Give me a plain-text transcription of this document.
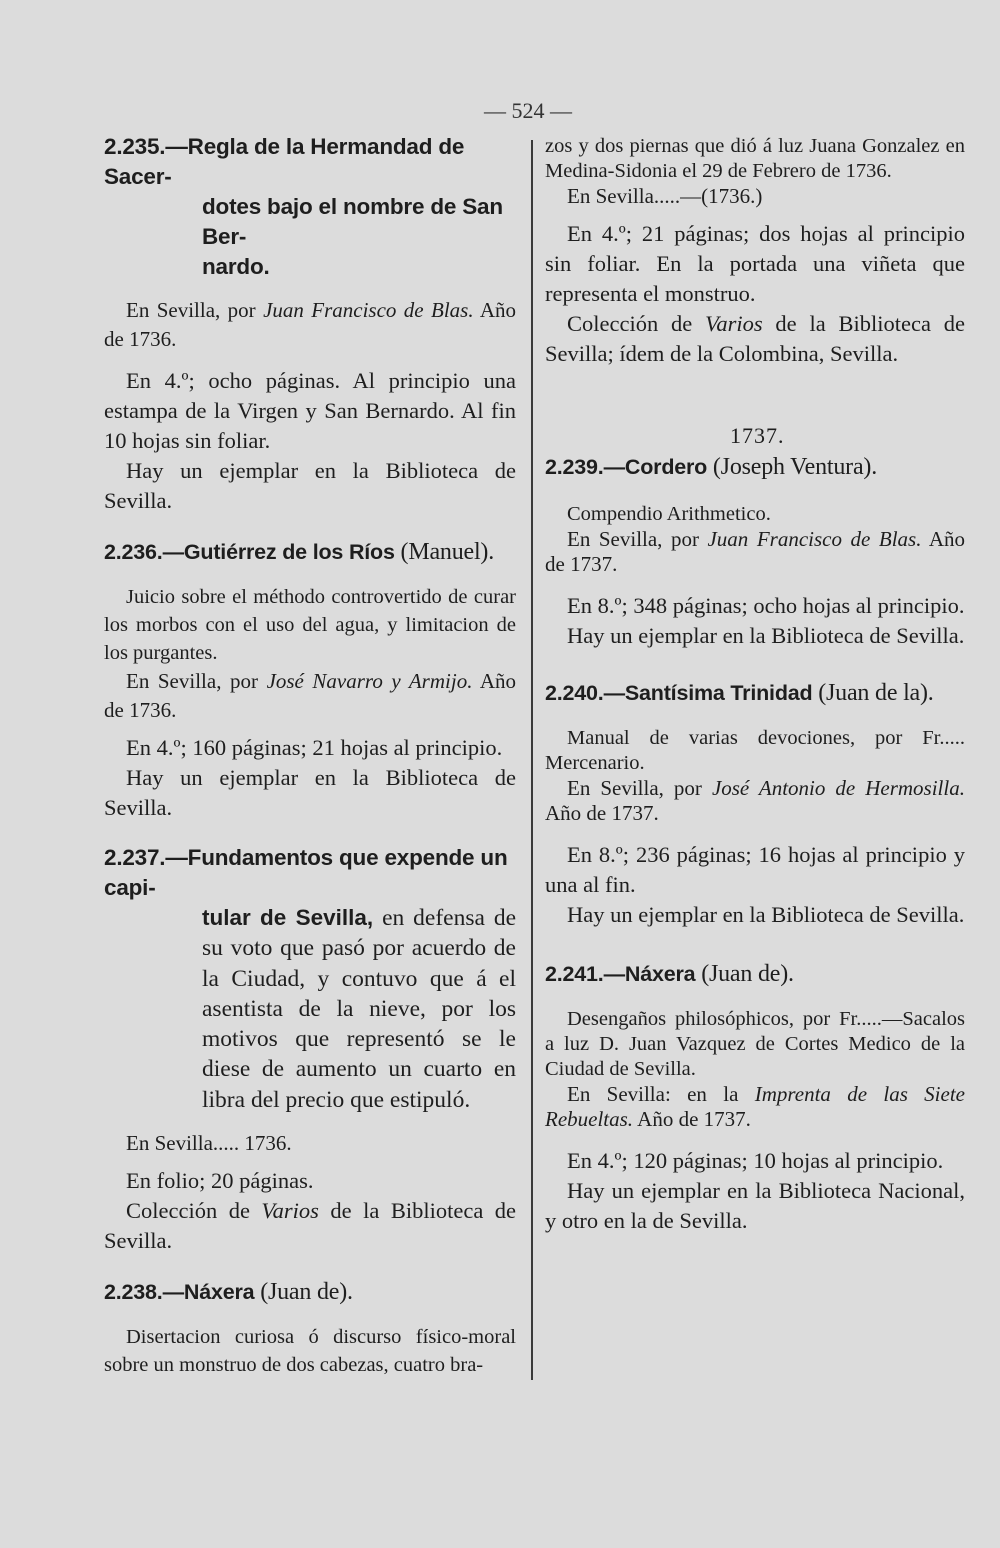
— 524 —
2.235.—Regla de la Hermandad de Sacer-
dotes bajo el nombre de San Ber-
nardo.

En Sevilla, por Juan Francisco de Blas. Año de 1736.

En 4.º; ocho páginas. Al principio una estampa de la Virgen y San Bernardo. Al fin 10 hojas sin foliar.

Hay un ejemplar en la Biblioteca de Sevilla.

2.236.—Gutiérrez de los Ríos (Manuel).

Juicio sobre el méthodo controvertido de curar los morbos con el uso del agua, y limitacion de los purgantes.

En Sevilla, por José Navarro y Armijo. Año de 1736.

En 4.º; 160 páginas; 21 hojas al principio.

Hay un ejemplar en la Biblioteca de Sevilla.

2.237.—Fundamentos que expende un capi-
tular de Sevilla, en defensa de su voto que pasó por acuerdo de la Ciudad, y contuvo que á el asentista de la nieve, por los motivos que representó se le diese de aumento un cuarto en libra del precio que estipuló.

En Sevilla..... 1736.

En folio; 20 páginas.

Colección de Varios de la Biblioteca de Sevilla.

2.238.—Náxera (Juan de).

Disertacion curiosa ó discurso físico-moral sobre un monstruo de dos cabezas, cuatro bra-

zos y dos piernas que dió á luz Juana Gonzalez en Medina-Sidonia el 29 de Febrero de 1736.

En Sevilla.....—(1736.)

En 4.º; 21 páginas; dos hojas al principio sin foliar. En la portada una viñeta que representa el monstruo.

Colección de Varios de la Biblioteca de Sevilla; ídem de la Colombina, Sevilla.

2.239.—Cordero (Joseph Ventura).

Compendio Arithmetico.

En Sevilla, por Juan Francisco de Blas. Año de 1737.

En 8.º; 348 páginas; ocho hojas al principio.

Hay un ejemplar en la Biblioteca de Sevilla.

2.240.—Santísima Trinidad (Juan de la).

Manual de varias devociones, por Fr..... Mercenario.

En Sevilla, por José Antonio de Hermosilla. Año de 1737.

En 8.º; 236 páginas; 16 hojas al principio y una al fin.

Hay un ejemplar en la Biblioteca de Sevilla.

2.241.—Náxera (Juan de).

Desengaños philosóphicos, por Fr.....—Sacalos a luz D. Juan Vazquez de Cortes Medico de la Ciudad de Sevilla.

En Sevilla: en la Imprenta de las Siete Rebueltas. Año de 1737.

En 4.º; 120 páginas; 10 hojas al principio.

Hay un ejemplar en la Biblioteca Nacional, y otro en la de Sevilla.

1737.
